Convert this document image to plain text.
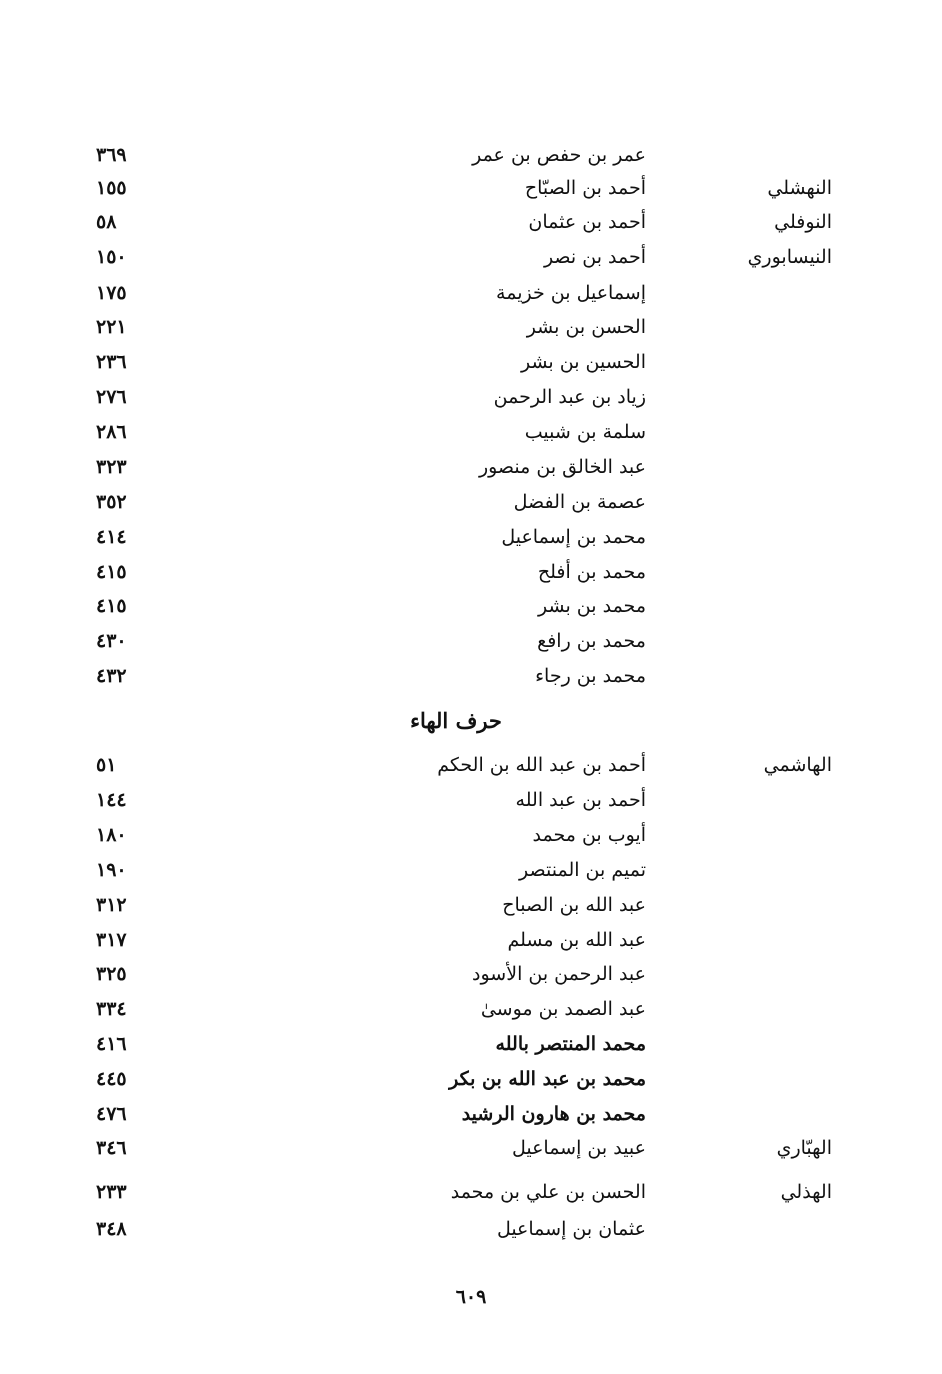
عمر بن حفص بن عمر
٣٦٩
النهشلي
أحمد بن الصبّاح
١٥٥
النوفلي
أحمد بن عثمان
٥٨
النيسابوري
أحمد بن نصر
١٥٠
إسماعيل بن خزيمة
١٧٥
الحسن بن بشر
٢٢١
الحسين بن بشر
٢٣٦
زياد بن عبد الرحمن
٢٧٦
سلمة بن شبيب
٢٨٦
عبد الخالق بن منصور
٣٢٣
عصمة بن الفضل
٣٥٢
محمد بن إسماعيل
٤١٤
محمد بن أفلح
٤١٥
محمد بن بشر
٤١٥
محمد بن رافع
٤٣٠
محمد بن رجاء
٤٣٢
الهاشمي
أحمد بن عبد الله بن الحكم
٥١
أحمد بن عبد الله
١٤٤
أيوب بن محمد
١٨٠
تميم بن المنتصر
١٩٠
عبد الله بن الصباح
٣١٢
عبد الله بن مسلم
٣١٧
عبد الرحمن بن الأسود
٣٢٥
عبد الصمد بن موسىٰ
٣٣٤
محمد المنتصر بالله
٤١٦
محمد بن عبد الله بن بكر
٤٤٥
محمد بن هارون الرشيد
٤٧٦
الهبّاري
عبيد بن إسماعيل
٣٤٦
الهذلي
الحسن بن علي بن محمد
٢٣٣
عثمان بن إسماعيل
٣٤٨
حرف الهاء
٦٠٩
